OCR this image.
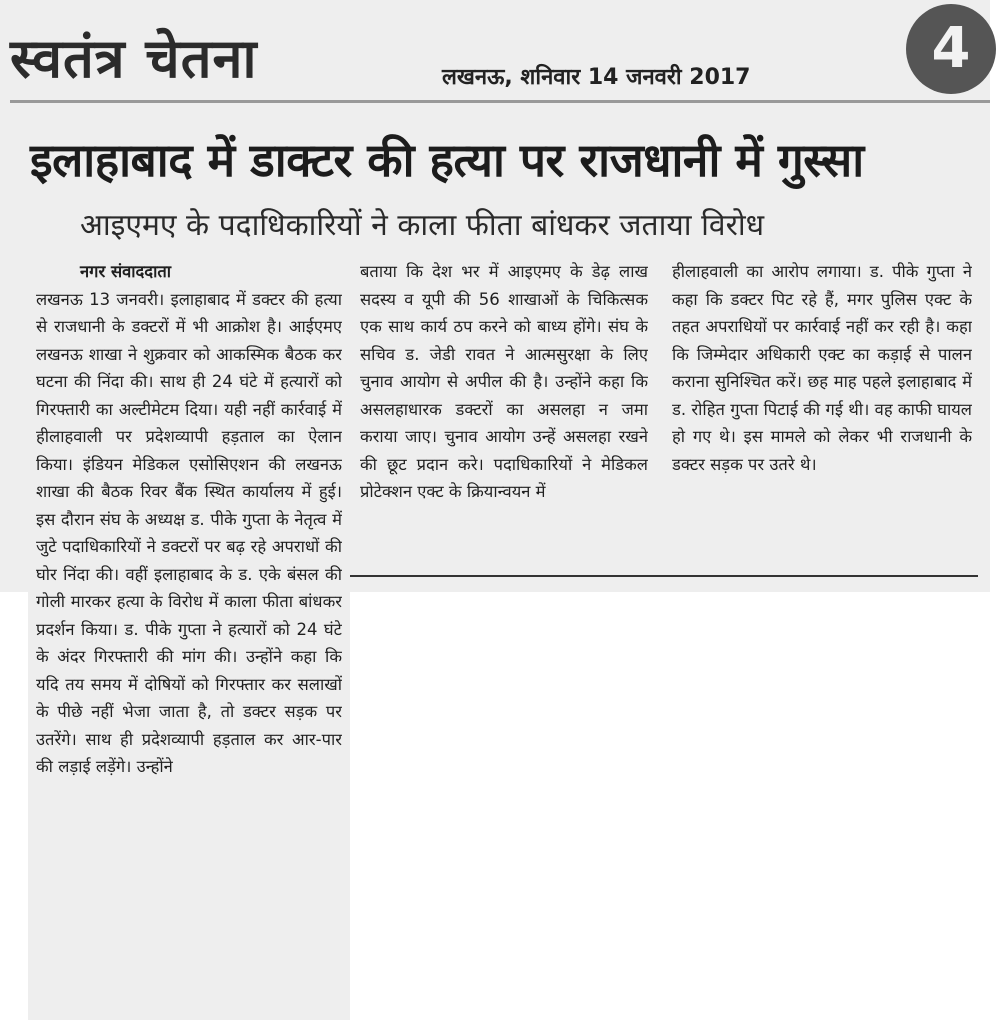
स्वतंत्र चेतना	लखनऊ, शनिवार 14 जनवरी 2017	4
इलाहाबाद में डाक्टर की हत्या पर राजधानी में गुस्सा
आइएमए के पदाधिकारियों ने काला फीता बांधकर जताया विरोध
नगर संवाददाता
लखनऊ 13 जनवरी। इलाहाबाद में डक्टर की हत्या से राजधानी के डक्टरों में भी आक्रोश है। आईएमए लखनऊ शाखा ने शुक्रवार को आकस्मिक बैठक कर घटना की निंदा की। साथ ही 24 घंटे में हत्यारों को गिरफ्तारी का अल्टीमेटम दिया। यही नहीं कार्रवाई में हीलाहवाली पर प्रदेशव्यापी हड़ताल का ऐलान किया। इंडियन मेडिकल एसोसिएशन की लखनऊ शाखा की बैठक रिवर बैंक स्थित कार्यालय में हुई। इस दौरान संघ के अध्यक्ष ड. पीके गुप्ता के नेतृत्व में जुटे पदाधिकारियों ने डक्टरों पर बढ़ रहे अपराधों की घोर निंदा की। वहीं इलाहाबाद के ड. एके बंसल की गोली मारकर हत्या के विरोध में काला फीता बांधकर प्रदर्शन किया। ड. पीके गुप्ता ने हत्यारों को 24 घंटे के अंदर गिरफ्तारी की मांग की। उन्होंने कहा कि यदि तय समय में दोषियों को गिरफ्तार कर सलाखों के पीछे नहीं भेजा जाता है, तो डक्टर सड़क पर उतरेंगे। साथ ही प्रदेशव्यापी हड़ताल कर आर-पार की लड़ाई लड़ेंगे। उन्होंने
बताया कि देश भर में आइएमए के डेढ़ लाख सदस्य व यूपी की 56 शाखाओं के चिकित्सक एक साथ कार्य ठप करने को बाध्य होंगे। संघ के सचिव ड. जेडी रावत ने आत्मसुरक्षा के लिए चुनाव आयोग से अपील की है। उन्होंने कहा कि असलहाधारक डक्टरों का असलहा न जमा कराया जाए। चुनाव आयोग उन्हें असलहा रखने की छूट प्रदान करे। पदाधिकारियों ने मेडिकल प्रोटेक्शन एक्ट के क्रियान्वयन में
हीलाहवाली का आरोप लगाया। ड. पीके गुप्ता ने कहा कि डक्टर पिट रहे हैं, मगर पुलिस एक्ट के तहत अपराधियों पर कार्रवाई नहीं कर रही है। कहा कि जिम्मेदार अधिकारी एक्ट का कड़ाई से पालन कराना सुनिश्चित करें। छह माह पहले इलाहाबाद में ड. रोहित गुप्ता पिटाई की गई थी। वह काफी घायल हो गए थे। इस मामले को लेकर भी राजधानी के डक्टर सड़क पर उतरे थे।
